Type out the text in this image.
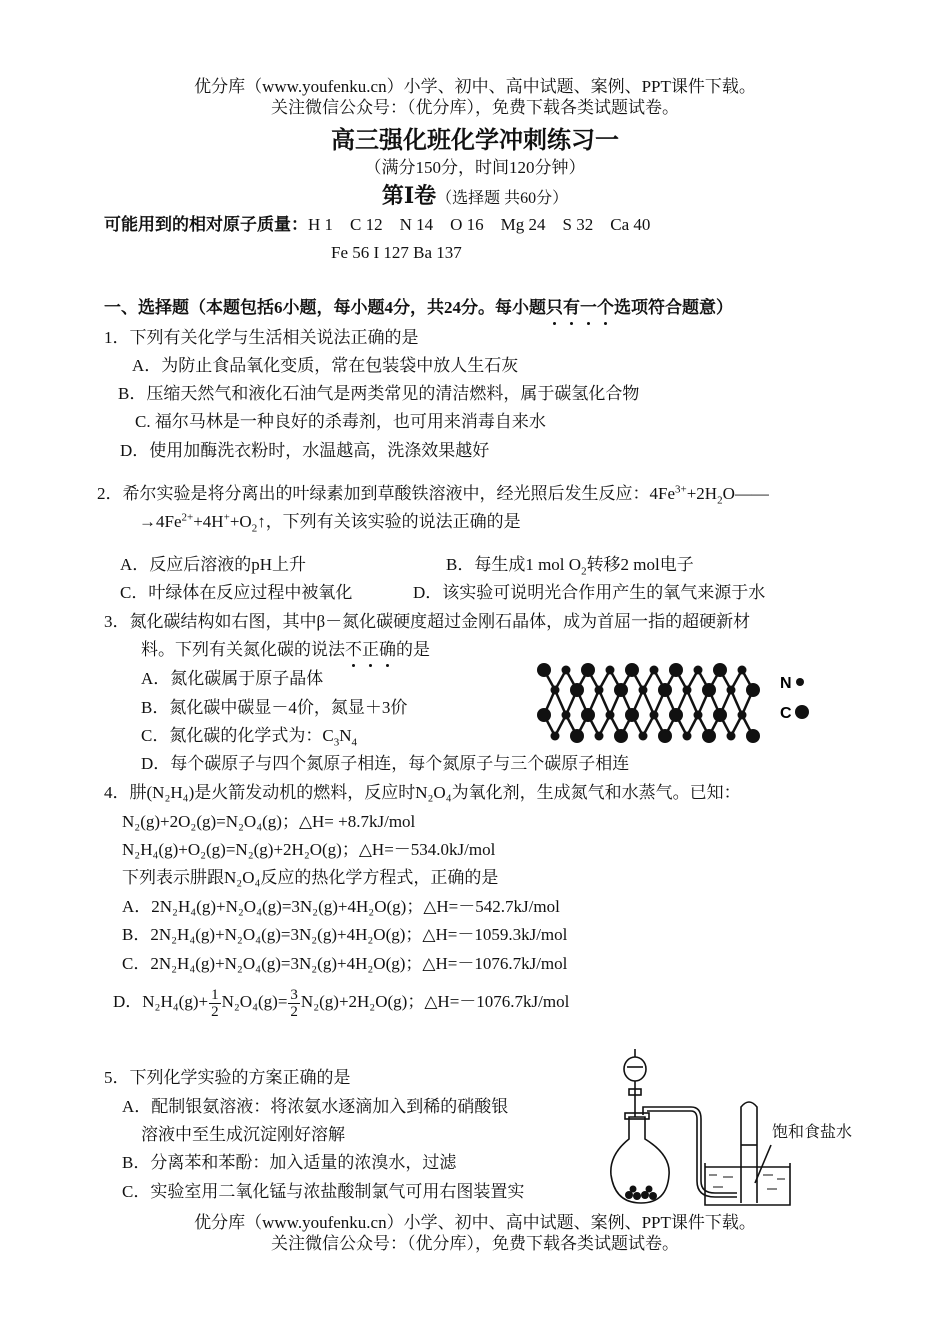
优分库（www.youfenku.cn）小学、初中、高中试题、案例、PPT课件下载。
关注微信公众号：（优分库），免费下载各类试题试卷。
高三强化班化学冲刺练习一
（满分150分，时间120分钟）
第Ⅰ卷（选择题 共60分）
可能用到的相对原子质量：H 1    C 12    N 14    O 16    Mg 24    S 32    Ca 40
Fe 56 I 127 Ba 137
一、选择题（本题包括6小题，每小题4分，共24分。每小题只有一个选项符合题意）
1．下列有关化学与生活相关说法正确的是
A．为防止食品氧化变质，常在包装袋中放人生石灰
B．压缩天然气和液化石油气是两类常见的清洁燃料，属于碳氢化合物
C. 福尔马林是一种良好的杀毒剂，也可用来消毒自来水
D．使用加酶洗衣粉时，水温越高，洗涤效果越好
2．希尔实验是将分离出的叶绿素加到草酸铁溶液中，经光照后发生反应：$4Fe^{3+}+2H_2O——$
$\to 4Fe^{2+}+4H^++O_2↑$，下列有关该实验的说法正确的是
A．反应后溶液的pH上升	B．每生成1 mol $O_2$转移2 mol电子
C．叶绿体在反应过程中被氧化	D．该实验可说明光合作用产生的氧气来源于水
3．氮化碳结构如右图，其中β－氮化碳硬度超过金刚石晶体，成为首屈一指的超硬新材
料。下列有关氮化碳的说法不正确的是
A．氮化碳属于原子晶体
B．氮化碳中碳显－4价，氮显＋3价
C．氮化碳的化学式为：$C_3N_4$
D．每个碳原子与四个氮原子相连，每个氮原子与三个碳原子相连
N
C
4．肼(N₂H₄)是火箭发动机的燃料，反应时N₂O₄为氧化剂，生成氮气和水蒸气。已知：
N₂(g)+2O₂(g)=N₂O₄(g)；△H= +8.7kJ/mol
N₂H₄(g)+O₂(g)=N₂(g)+2H₂O(g)；△H=－534.0kJ/mol
下列表示肼跟N₂O₄反应的热化学方程式，正确的是
A．2N₂H₄(g)+N₂O₄(g)=3N₂(g)+4H₂O(g)；△H=－542.7kJ/mol
B．2N₂H₄(g)+N₂O₄(g)=3N₂(g)+4H₂O(g)；△H=－1059.3kJ/mol
C．2N₂H₄(g)+N₂O₄(g)=3N₂(g)+4H₂O(g)；△H=－1076.7kJ/mol
D．$N_2H_4(g)+ \frac{1}{2} N_2O_4(g)= \frac{3}{2} N_2(g)+2H_2O(g)$；△H=－1076.7kJ/mol
5．下列化学实验的方案正确的是
A．配制银氨溶液：将浓氨水逐滴加入到稀的硝酸银
溶液中至生成沉淀刚好溶解
B．分离苯和苯酚：加入适量的浓溴水，过滤
C．实验室用二氧化锰与浓盐酸制氯气可用右图装置实
饱和食盐水
优分库（www.youfenku.cn）小学、初中、高中试题、案例、PPT课件下载。
关注微信公众号：（优分库），免费下载各类试题试卷。
